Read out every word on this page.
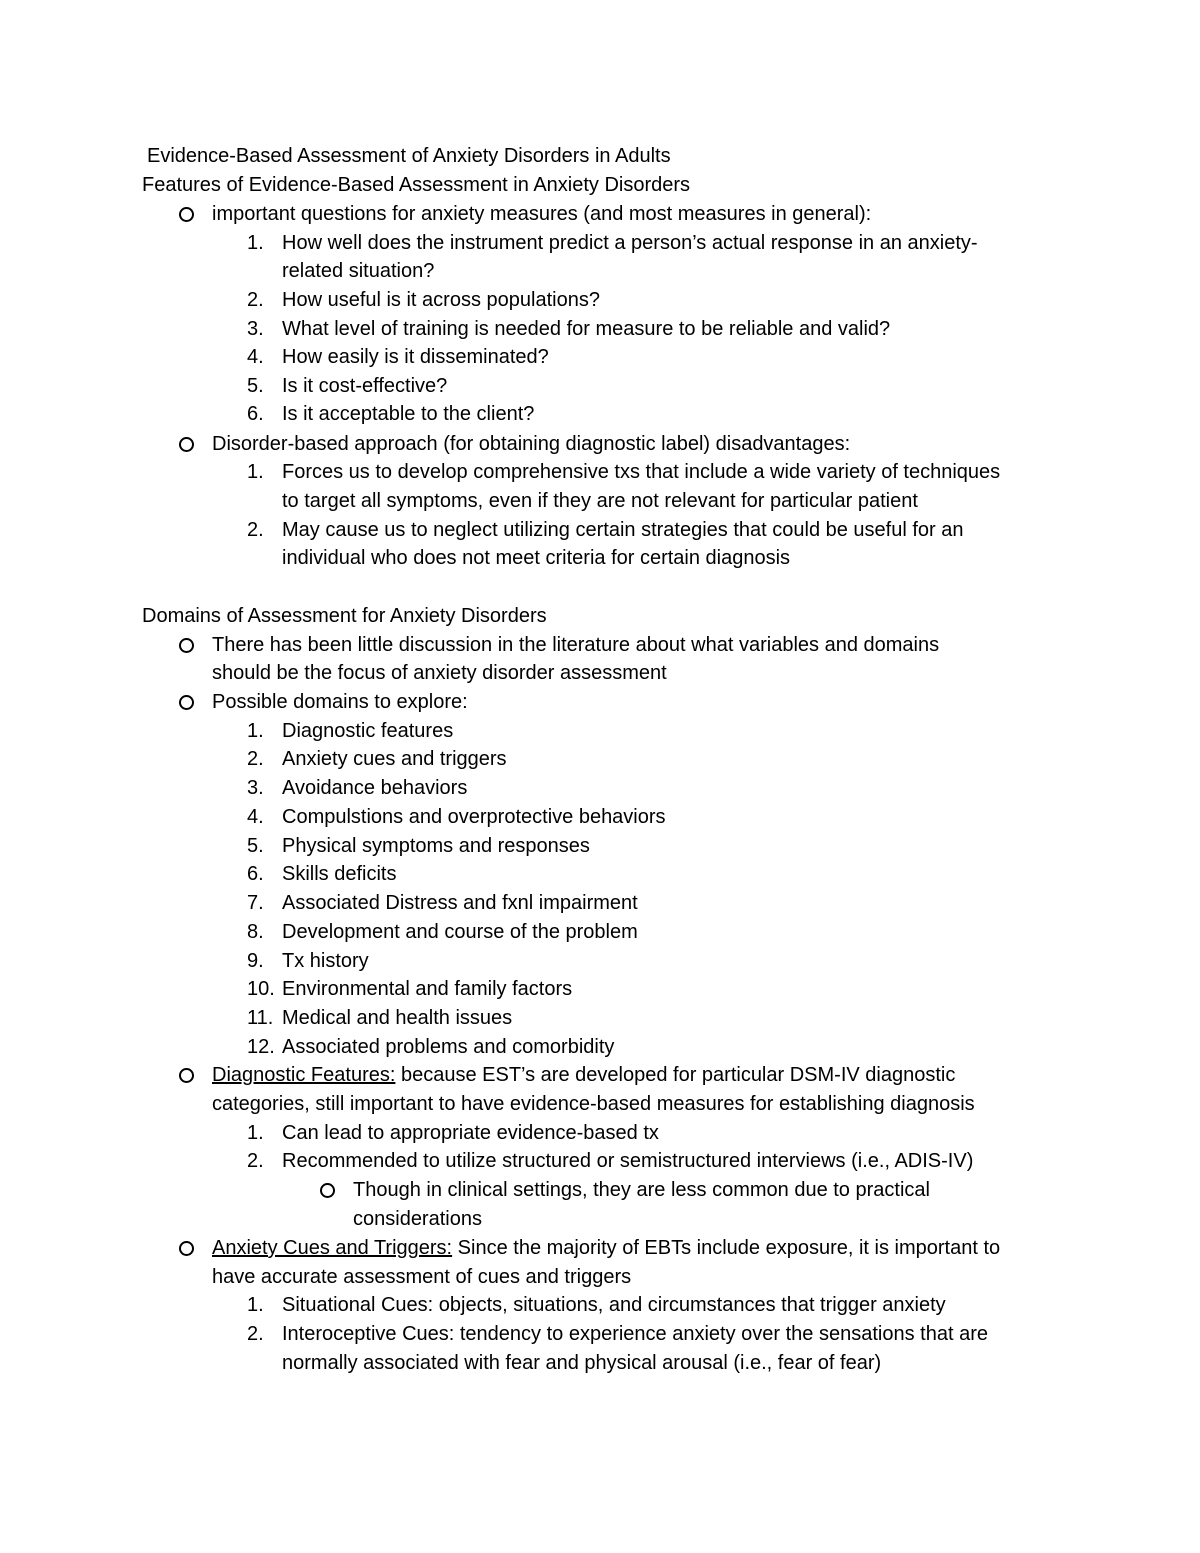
Evidence-Based Assessment of Anxiety Disorders in Adults
Features of Evidence-Based Assessment in Anxiety Disorders
important questions for anxiety measures (and most measures in general):
1. How well does the instrument predict a person’s actual response in an anxiety-
related situation?
2. How useful is it across populations?
3. What level of training is needed for measure to be reliable and valid?
4. How easily is it disseminated?
5. Is it cost-effective?
6. Is it acceptable to the client?
Disorder-based approach (for obtaining diagnostic label) disadvantages:
1. Forces us to develop comprehensive txs that include a wide variety of techniques
to target all symptoms, even if they are not relevant for particular patient
2. May cause us to neglect utilizing certain strategies that could be useful for an
individual who does not meet criteria for certain diagnosis
Domains of Assessment for Anxiety Disorders
There has been little discussion in the literature about what variables and domains
should be the focus of anxiety disorder assessment
Possible domains to explore:
1. Diagnostic features
2. Anxiety cues and triggers
3. Avoidance behaviors
4. Compulstions and overprotective behaviors
5. Physical symptoms and responses
6. Skills deficits
7. Associated Distress and fxnl impairment
8. Development and course of the problem
9. Tx history
10. Environmental and family factors
11. Medical and health issues
12. Associated problems and comorbidity
Diagnostic Features: because EST’s are developed for particular DSM-IV diagnostic
categories, still important to have evidence-based measures for establishing diagnosis
1. Can lead to appropriate evidence-based tx
2. Recommended to utilize structured or semistructured interviews (i.e., ADIS-IV)
Though in clinical settings, they are less common due to practical
considerations
Anxiety Cues and Triggers: Since the majority of EBTs include exposure, it is important to
have accurate assessment of cues and triggers
1. Situational Cues: objects, situations, and circumstances that trigger anxiety
2. Interoceptive Cues: tendency to experience anxiety over the sensations that are
normally associated with fear and physical arousal (i.e., fear of fear)
